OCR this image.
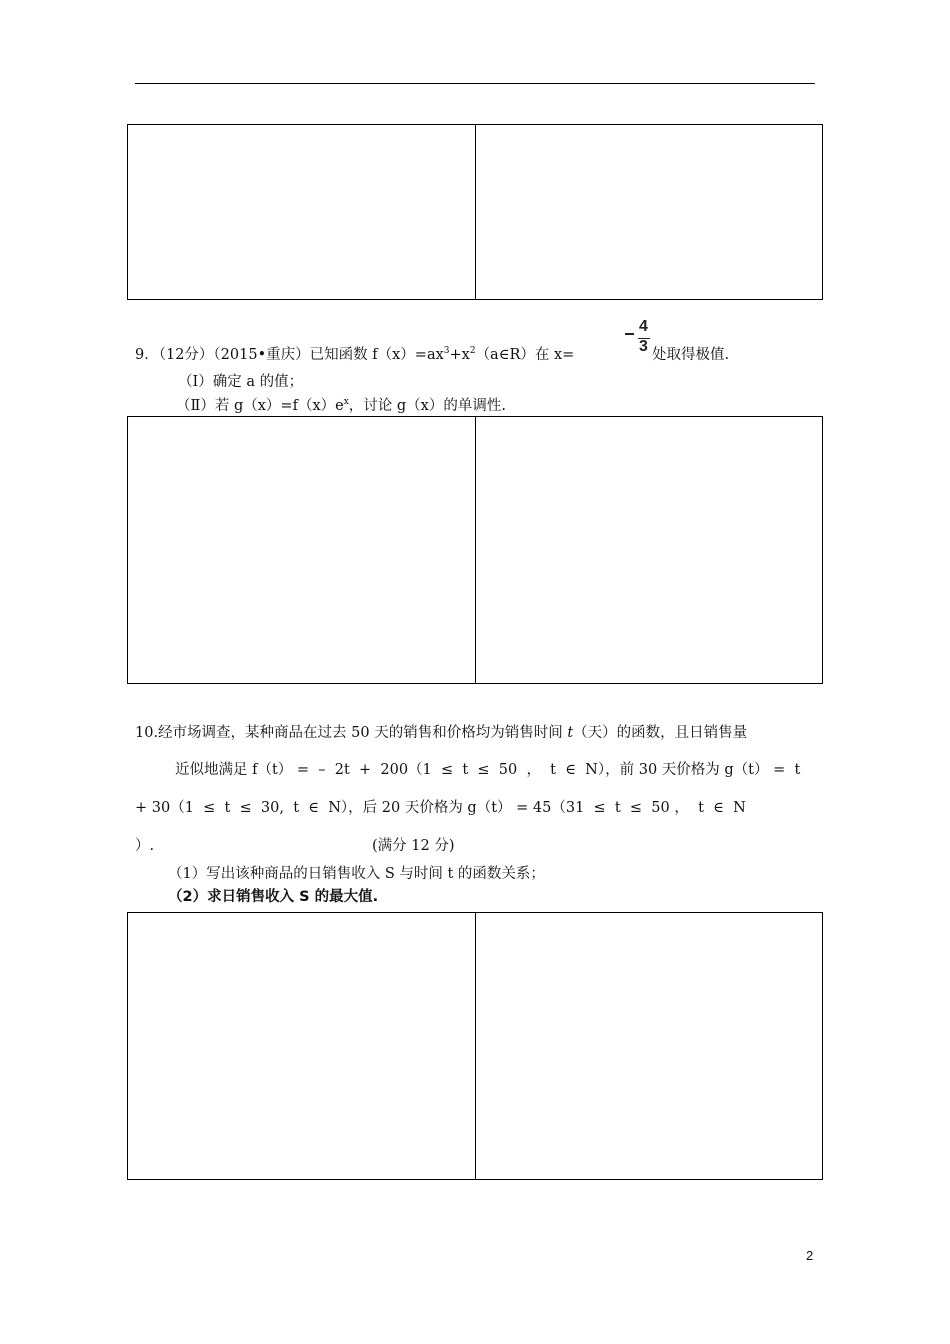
9．（12分）（2015•重庆）已知函数 $f(x)=ax^3+x^2(a\in R)$在 x=
4
3 处取得极值.
（Ⅰ）确定 a 的值；
（Ⅱ）若 $g(x)=f(x)e^x$，讨论 g（x）的单调性.
10.经市场调查，某种商品在过去 50 天的销售和价格均为销售时间 t（天）的函数，且日销售量
近似地满足 f（t） =  –  2t  +  200（1  ≤  t  ≤  50  ，  t  ∈  N），前 30 天价格为 g（t） =  t
+ 30（1  ≤  t  ≤  30,  t  ∈  N），后 20 天价格为 g（t） = 45（31  ≤  t  ≤  50 ，  t  ∈  N
）.	(满分 12 分)
（1）写出该种商品的日销售收入 S 与时间 t 的函数关系；
（2）求日销售收入 S 的最大值.
2
